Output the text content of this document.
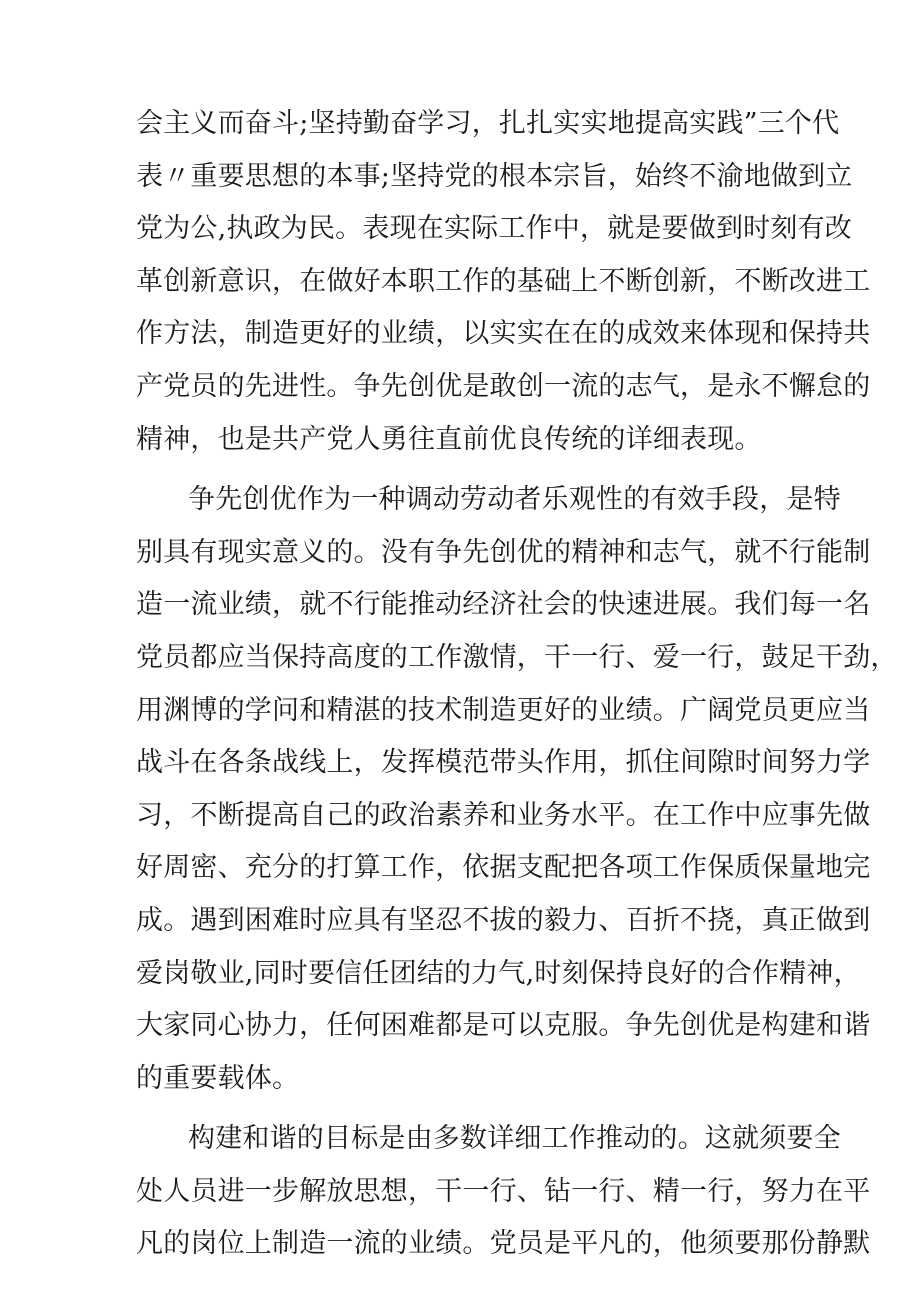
会主义而奋斗;坚持勤奋学习，扎扎实实地提高实践”三个代
表〃重要思想的本事;坚持党的根本宗旨，始终不渝地做到立
党为公,执政为民。表现在实际工作中，就是要做到时刻有改
革创新意识，在做好本职工作的基础上不断创新，不断改进工
作方法，制造更好的业绩，以实实在在的成效来体现和保持共
产党员的先进性。争先创优是敢创一流的志气，是永不懈怠的
精神，也是共产党人勇往直前优良传统的详细表现。
争先创优作为一种调动劳动者乐观性的有效手段，是特
别具有现实意义的。没有争先创优的精神和志气，就不行能制
造一流业绩，就不行能推动经济社会的快速进展。我们每一名
党员都应当保持高度的工作激情，干一行、爱一行，鼓足干劲，
用渊博的学问和精湛的技术制造更好的业绩。广阔党员更应当
战斗在各条战线上，发挥模范带头作用，抓住间隙时间努力学
习，不断提高自己的政治素养和业务水平。在工作中应事先做
好周密、充分的打算工作，依据支配把各项工作保质保量地完
成。遇到困难时应具有坚忍不拔的毅力、百折不挠，真正做到
爱岗敬业,同时要信任团结的力气,时刻保持良好的合作精神，
大家同心协力，任何困难都是可以克服。争先创优是构建和谐
的重要载体。
构建和谐的目标是由多数详细工作推动的。这就须要全
处人员进一步解放思想，干一行、钻一行、精一行，努力在平
凡的岗位上制造一流的业绩。党员是平凡的，他须要那份静默
